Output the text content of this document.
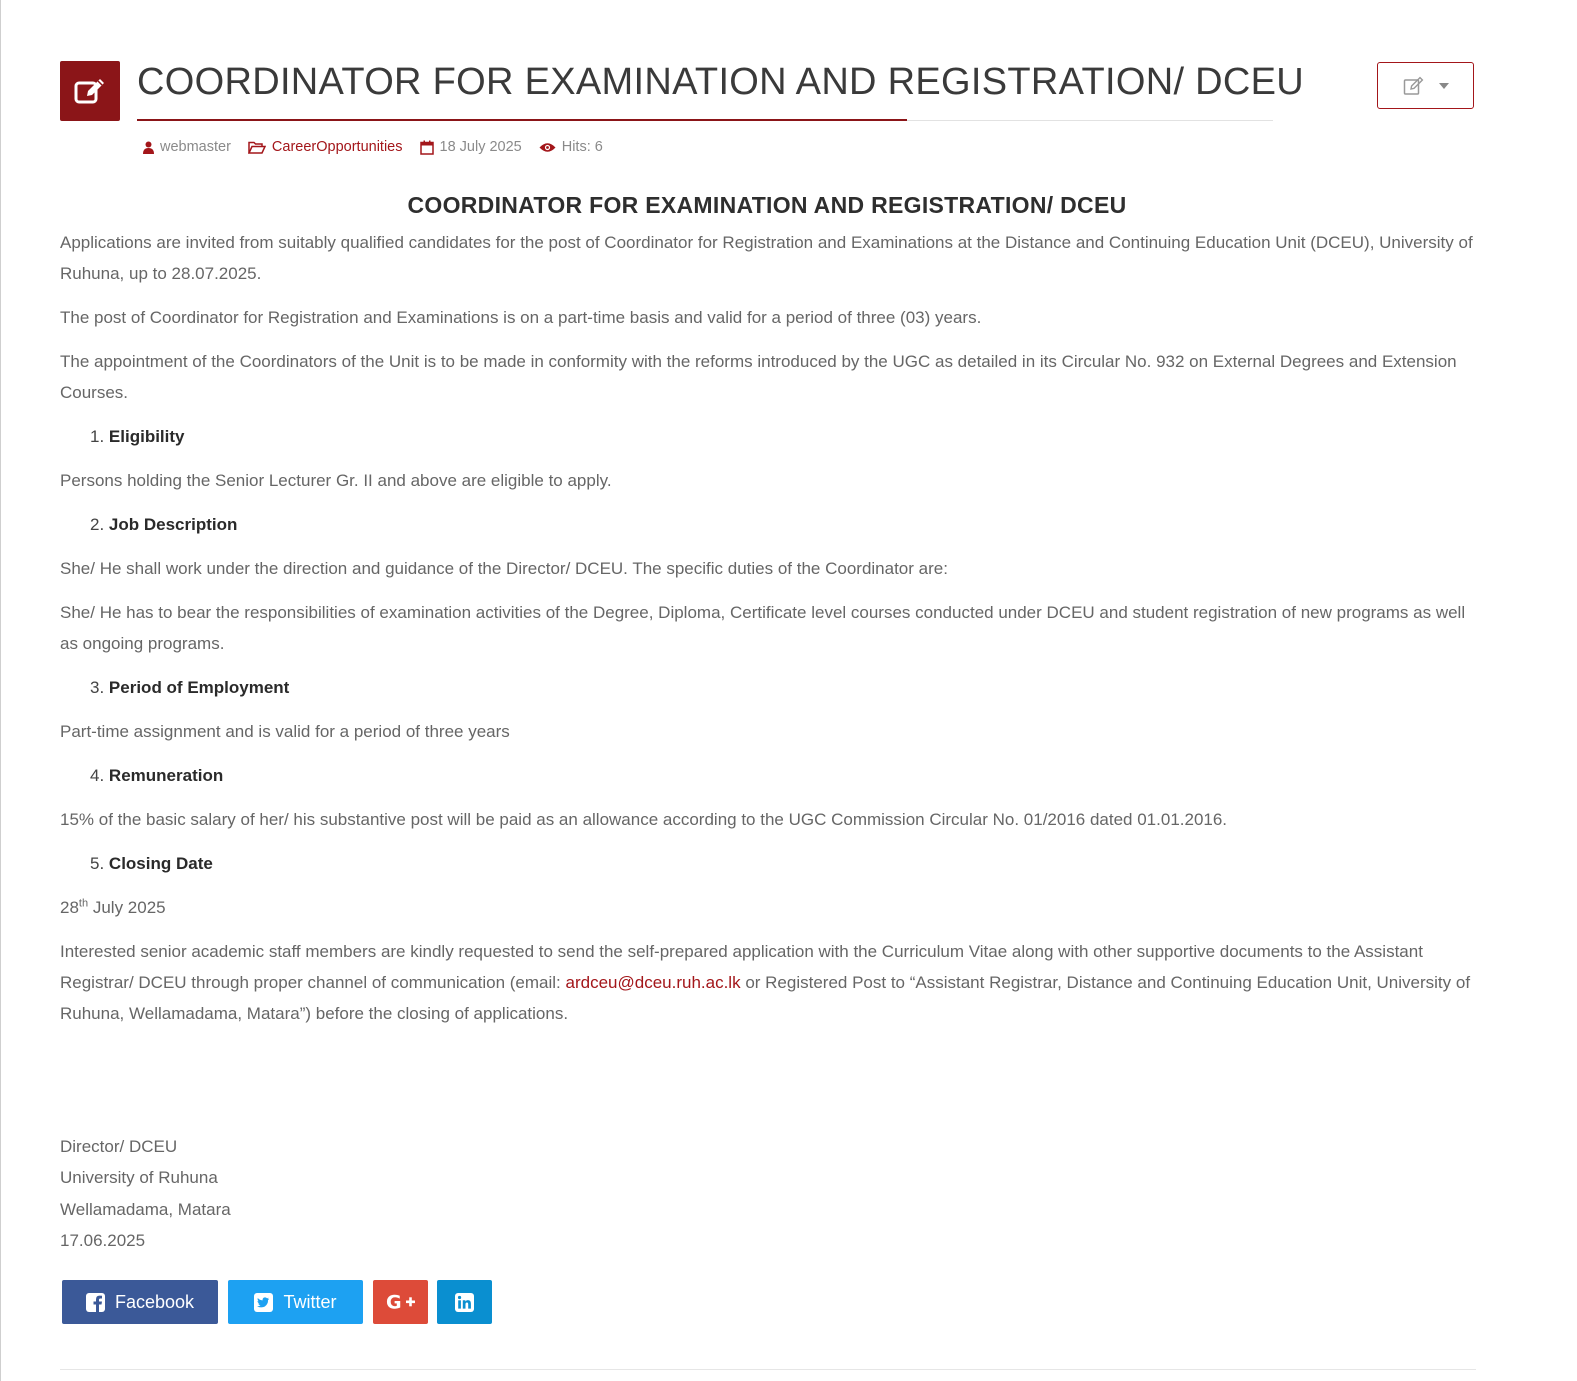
COORDINATOR FOR EXAMINATION AND REGISTRATION/ DCEU
webmaster	CareerOpportunities	18 July 2025	Hits: 6
COORDINATOR FOR EXAMINATION AND REGISTRATION/ DCEU

Applications are invited from suitably qualified candidates for the post of Coordinator for Registration and Examinations at the Distance and Continuing Education Unit (DCEU), University of Ruhuna, up to 28.07.2025.

The post of Coordinator for Registration and Examinations is on a part-time basis and valid for a period of three (03) years.

The appointment of the Coordinators of the Unit is to be made in conformity with the reforms introduced by the UGC as detailed in its Circular No. 932 on External Degrees and Extension Courses.

1. Eligibility

Persons holding the Senior Lecturer Gr. II and above are eligible to apply.

2. Job Description

She/ He shall work under the direction and guidance of the Director/ DCEU. The specific duties of the Coordinator are:

She/ He has to bear the responsibilities of examination activities of the Degree, Diploma, Certificate level courses conducted under DCEU and student registration of new programs as well as ongoing programs.

3. Period of Employment

Part-time assignment and is valid for a period of three years

4. Remuneration

15% of the basic salary of her/ his substantive post will be paid as an allowance according to the UGC Commission Circular No. 01/2016 dated 01.01.2016.

5. Closing Date

28th July 2025

Interested senior academic staff members are kindly requested to send the self-prepared application with the Curriculum Vitae along with other supportive documents to the Assistant Registrar/ DCEU through proper channel of communication (email: ardceu@dceu.ruh.ac.lk or Registered Post to “Assistant Registrar, Distance and Continuing Education Unit, University of Ruhuna, Wellamadama, Matara”) before the closing of applications.

Director/ DCEU
University of Ruhuna
Wellamadama, Matara
17.06.2025
Facebook	Twitter	G
